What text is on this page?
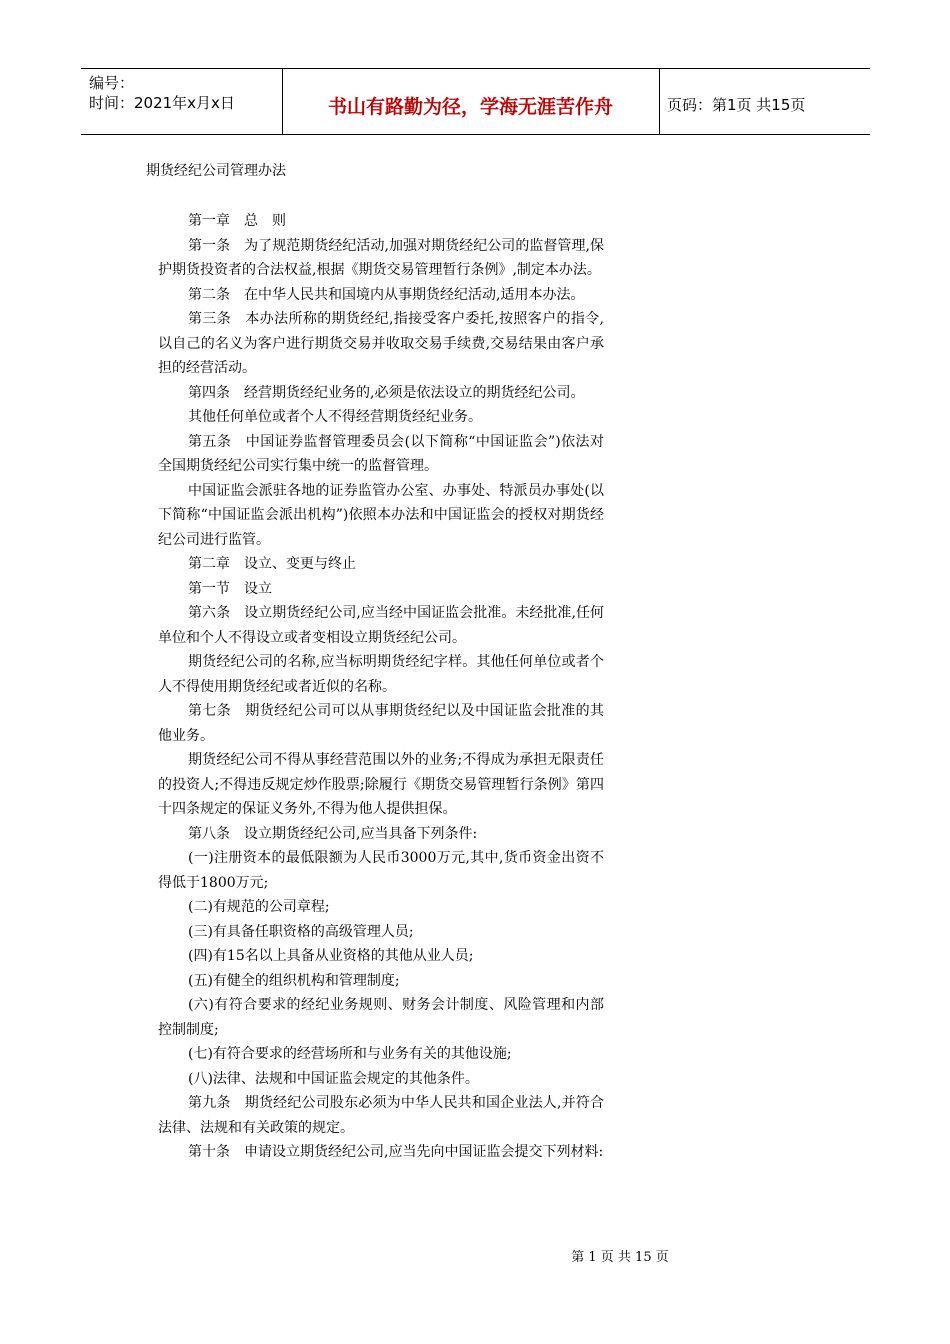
编号：
时间：2021年x月x日	书山有路勤为径，学海无涯苦作舟	页码：第1页 共15页
期货经纪公司管理办法

第一章　总　则

第一条　为了规范期货经纪活动,加强对期货经纪公司的监督管理,保护期货投资者的合法权益,根据《期货交易管理暂行条例》,制定本办法。

第二条　在中华人民共和国境内从事期货经纪活动,适用本办法。

第三条　本办法所称的期货经纪,指接受客户委托,按照客户的指令,以自己的名义为客户进行期货交易并收取交易手续费,交易结果由客户承担的经营活动。

第四条　经营期货经纪业务的,必须是依法设立的期货经纪公司。

其他任何单位或者个人不得经营期货经纪业务。

第五条　中国证券监督管理委员会(以下简称“中国证监会”)依法对全国期货经纪公司实行集中统一的监督管理。

中国证监会派驻各地的证券监管办公室、办事处、特派员办事处(以下简称“中国证监会派出机构”)依照本办法和中国证监会的授权对期货经纪公司进行监管。

第二章　设立、变更与终止

第一节　设立

第六条　设立期货经纪公司,应当经中国证监会批准。未经批准,任何单位和个人不得设立或者变相设立期货经纪公司。

期货经纪公司的名称,应当标明期货经纪字样。其他任何单位或者个人不得使用期货经纪或者近似的名称。

第七条　期货经纪公司可以从事期货经纪以及中国证监会批准的其他业务。

期货经纪公司不得从事经营范围以外的业务;不得成为承担无限责任的投资人;不得违反规定炒作股票;除履行《期货交易管理暂行条例》第四十四条规定的保证义务外,不得为他人提供担保。

第八条　设立期货经纪公司,应当具备下列条件:

(一)注册资本的最低限额为人民币3000万元,其中,货币资金出资不得低于1800万元;

(二)有规范的公司章程;

(三)有具备任职资格的高级管理人员;

(四)有15名以上具备从业资格的其他从业人员;

(五)有健全的组织机构和管理制度;

(六)有符合要求的经纪业务规则、财务会计制度、风险管理和内部控制制度;

(七)有符合要求的经营场所和与业务有关的其他设施;

(八)法律、法规和中国证监会规定的其他条件。

第九条　期货经纪公司股东必须为中华人民共和国企业法人,并符合法律、法规和有关政策的规定。

第十条　申请设立期货经纪公司,应当先向中国证监会提交下列材料:

第 1 页 共 15 页
